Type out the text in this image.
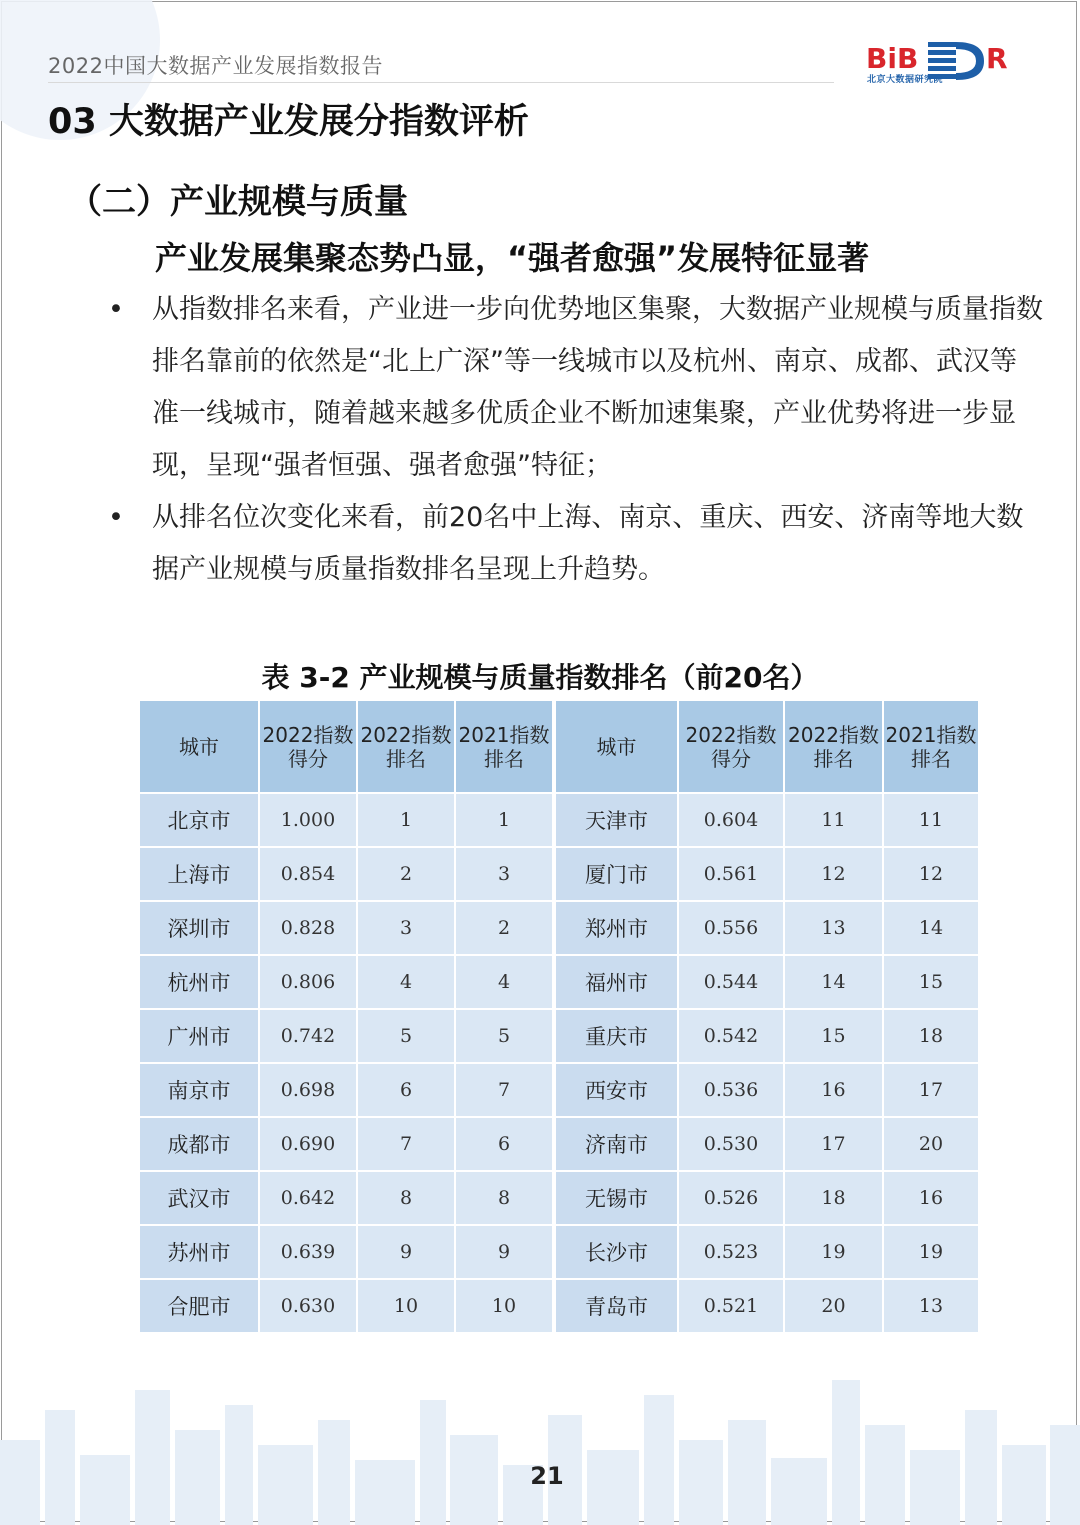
2022中国大数据产业发展指数报告	BiB R
北京大数据研究院
03 大数据产业发展分指数评析
（二）产业规模与质量
产业发展集聚态势凸显，“强者愈强”发展特征显著
• 从指数排名来看，产业进一步向优势地区集聚，大数据产业规模与质量指数排名靠前的依然是“北上广深”等一线城市以及杭州、南京、成都、武汉等准一线城市，随着越来越多优质企业不断加速集聚，产业优势将进一步显现，呈现“强者恒强、强者愈强”特征；
• 从排名位次变化来看，前20名中上海、南京、重庆、西安、济南等地大数据产业规模与质量指数排名呈现上升趋势。
表 3-2 产业规模与质量指数排名（前20名）
城市	2022指数得分	2022指数排名	2021指数排名		城市	2022指数得分	2022指数排名	2021指数排名
北京市	1.000	1	1		天津市	0.604	11	11
上海市	0.854	2	3		厦门市	0.561	12	12
深圳市	0.828	3	2		郑州市	0.556	13	14
杭州市	0.806	4	4		福州市	0.544	14	15
广州市	0.742	5	5		重庆市	0.542	15	18
南京市	0.698	6	7		西安市	0.536	16	17
成都市	0.690	7	6		济南市	0.530	17	20
武汉市	0.642	8	8		无锡市	0.526	18	16
苏州市	0.639	9	9		长沙市	0.523	19	19
合肥市	0.630	10	10		青岛市	0.521	20	13
21
